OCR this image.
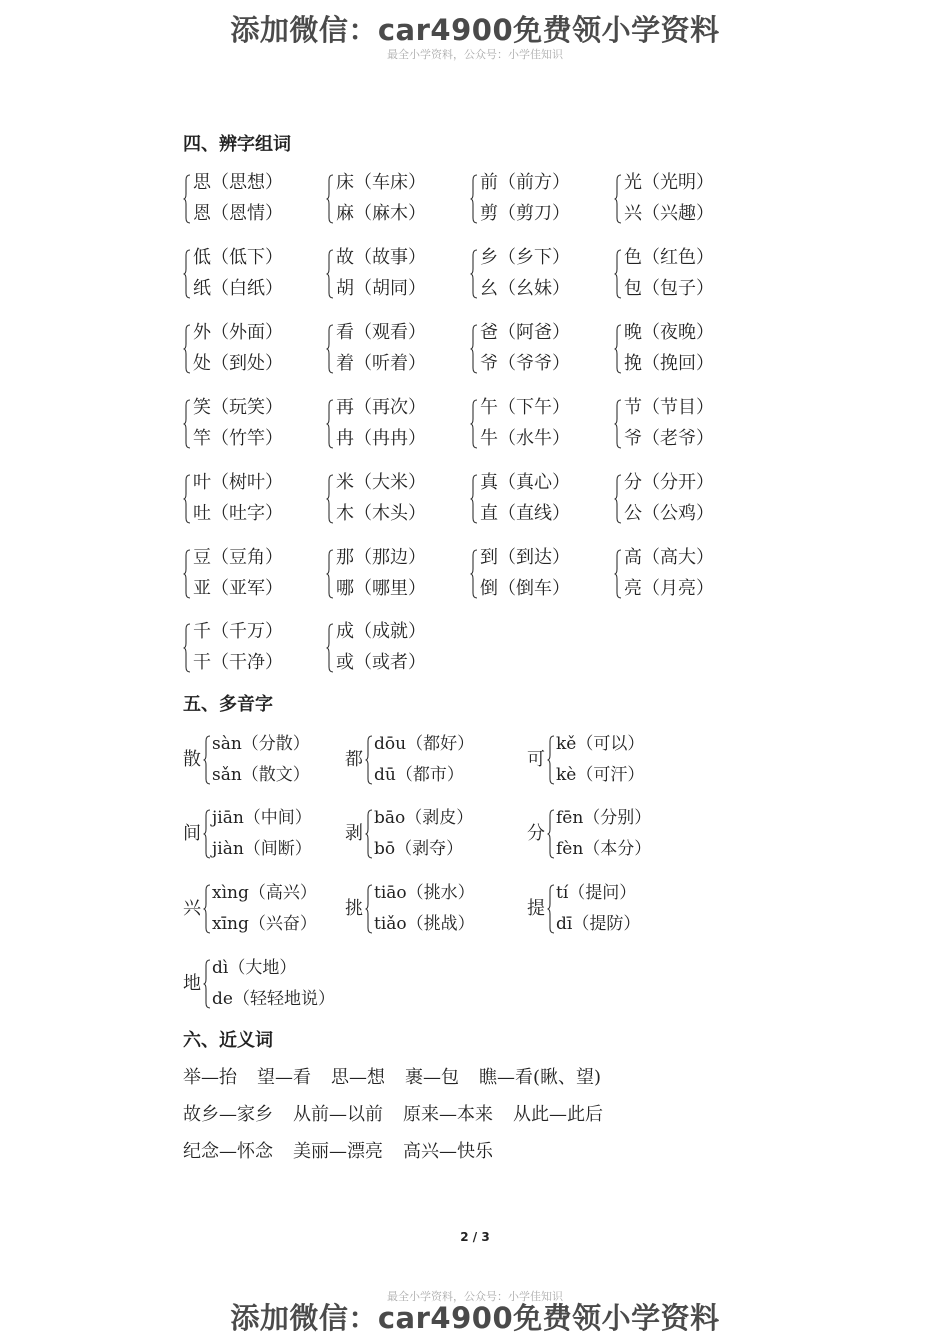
添加微信：car4900免费领小学资料
最全小学资料，公众号：小学佳知识
四、辨字组词
思（思想）
恩（恩情）
床（车床）
麻（麻木）
前（前方）
剪（剪刀）
光（光明）
兴（兴趣）
低（低下）
纸（白纸）
故（故事）
胡（胡同）
乡（乡下）
幺（幺妹）
色（红色）
包（包子）
外（外面）
处（到处）
看（观看）
着（听着）
爸（阿爸）
爷（爷爷）
晚（夜晚）
挽（挽回）
笑（玩笑）
竿（竹竿）
再（再次）
冉（冉冉）
午（下午）
牛（水牛）
节（节目）
爷（老爷）
叶（树叶）
吐（吐字）
米（大米）
木（木头）
真（真心）
直（直线）
分（分开）
公（公鸡）
豆（豆角）
亚（亚军）
那（那边）
哪（哪里）
到（到达）
倒（倒车）
高（高大）
亮（月亮）
千（千万）
干（干净）
成（成就）
或（或者）
五、多音字
散
sàn（分散）
sǎn（散文）
都
dōu（都好）
dū（都市）
可
kě（可以）
kè（可汗）
间
jiān（中间）
jiàn（间断）
剥
bāo（剥皮）
bō（剥夺）
分
fēn（分别）
fèn（本分）
兴
xìng（高兴）
xīng（兴奋）
挑
tiāo（挑水）
tiǎo（挑战）
提
tí（提问）
dī（提防）
地
dì（大地）
de（轻轻地说）
六、近义词
举—抬 望—看 思—想 裹—包 瞧—看(瞅、望)
故乡—家乡 从前—以前 原来—本来 从此—此后
纪念—怀念 美丽—漂亮 高兴—快乐
2 / 3
最全小学资料，公众号：小学佳知识
添加微信：car4900免费领小学资料
